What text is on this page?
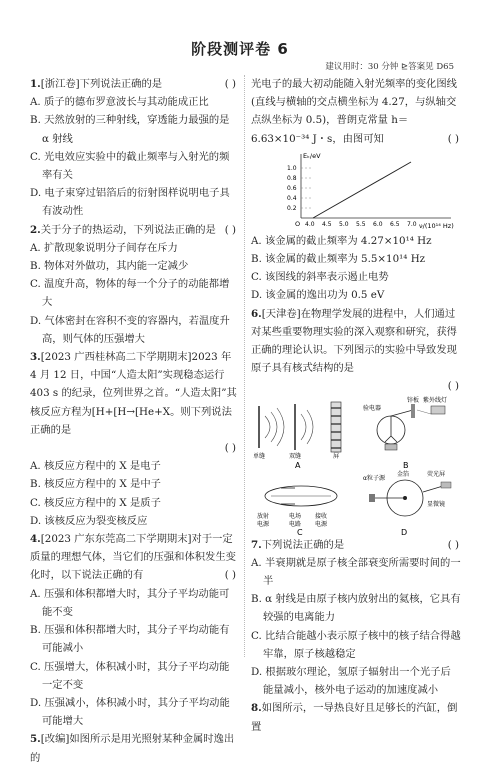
阶段测评卷 6
建议用时：30 分钟 ⊵答案见 D65
1.[浙江卷]下列说法正确的是	( )
A. 质子的德布罗意波长与其动能成正比
B. 天然放射的三种射线，穿透能力最强的是 α 射线
C. 光电效应实验中的截止频率与入射光的频率有关
D. 电子束穿过铝箔后的衍射图样说明电子具有波动性
2.关于分子的热运动，下列说法正确的是 ( )
A. 扩散现象说明分子间存在斥力
B. 物体对外做功，其内能一定减少
C. 温度升高，物体的每一个分子的动能都增大
D. 气体密封在容积不变的容器内，若温度升高，则气体的压强增大
3.[2023 广西桂林高二下学期期末]2023 年 4 月 12 日，中国“人造太阳”实现稳态运行 403 s 的纪录，位列世界之首。“人造太阳”其核反应方程为[H+[H→[He+X。则下列说法正确的是
( )
A. 核反应方程中的 X 是电子
B. 核反应方程中的 X 是中子
C. 核反应方程中的 X 是质子
D. 该核反应为裂变核反应
4.[2023 广东东莞高二下学期期末]对于一定质量的理想气体，当它们的压强和体积发生变化时，以下说法正确的有	( )
A. 压强和体积都增大时，其分子平均动能可能不变
B. 压强和体积都增大时，其分子平均动能有可能减小
C. 压强增大，体积减小时，其分子平均动能一定不变
D. 压强减小，体积减小时，其分子平均动能可能增大
5.[改编]如图所示是用光照射某种金属时逸出的
光电子的最大初动能随入射光频率的变化图线(直线与横轴的交点横坐标为 4.27，与纵轴交点纵坐标为 0.5)，普朗克常量 h＝6.63×10⁻³⁴ J・s，由图可知	( )
Eₖ/eV
ν/(10¹⁴ Hz)
O
1.0
0.8
0.6
0.4
0.2
4.0 4.5 5.0 5.5 6.0 6.5 7.0
A. 该金属的截止频率为 4.27×10¹⁴ Hz
B. 该金属的截止频率为 5.5×10¹⁴ Hz
C. 该图线的斜率表示遏止电势
D. 该金属的逸出功为 0.5 eV
6.[天津卷]在物理学发展的进程中，人们通过对某些重要物理实验的深入观察和研究，获得正确的理论认识。下列图示的实验中导致发现原子具有核式结构的是
( )
单缝	双缝	屏
A
验电器
锌板 紫外线灯
B
放射	电场 接收
电源	电路 电源
C
α粒子源
金箔	荧光屏
显微镜
D
7.下列说法正确的是	( )
A. 半衰期就是原子核全部衰变所需要时间的一半
B. α 射线是由原子核内放射出的氦核，它具有较强的电离能力
C. 比结合能越小表示原子核中的核子结合得越牢靠，原子核越稳定
D. 根据玻尔理论，氢原子辐射出一个光子后能量减小，核外电子运动的加速度减小
8.如图所示，一导热良好且足够长的汽缸，倒置
